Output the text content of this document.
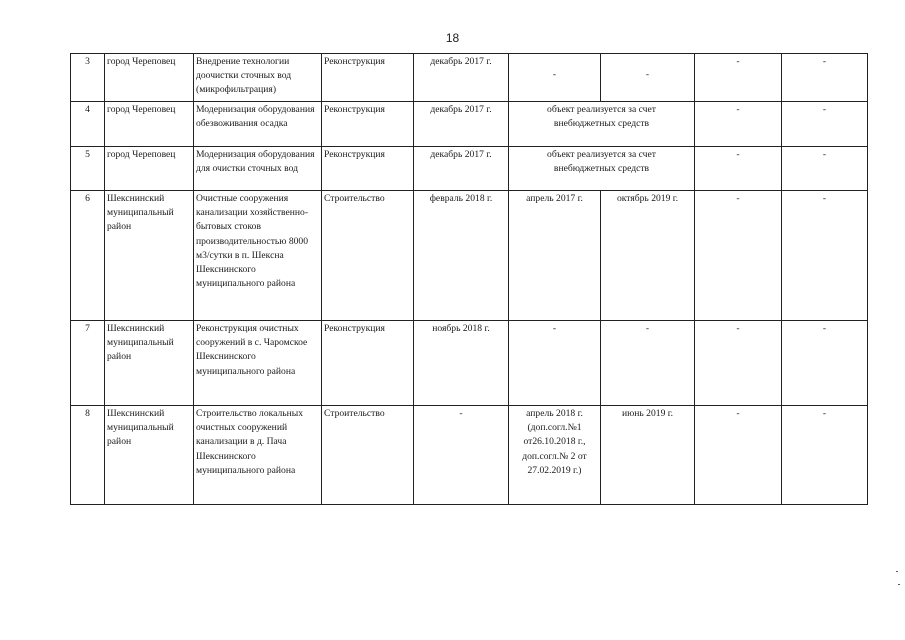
18
3	город Череповец	Внедрение технологии доочистки сточных вод (микрофильтрация)	Реконструкция	декабрь 2017 г.	-	-	-	-
4	город Череповец	Модернизация оборудования обезвоживания осадка	Реконструкция	декабрь 2017 г.	объект реализуется за счет внебюджетных средств		-	-
5	город Череповец	Модернизация оборудования для очистки сточных вод	Реконструкция	декабрь 2017 г.	объект реализуется за счет внебюджетных средств		-	-
6	Шекснинский муниципальный район	Очистные сооружения канализации хозяйственно-бытовых стоков производительностью 8000 м3/сутки в п. Шексна Шекснинского муниципального района	Строительство	февраль 2018 г.	апрель 2017 г.	октябрь 2019 г.	-	-
7	Шекснинский муниципальный район	Реконструкция очистных сооружений в с. Чаромское Шекснинского муниципального района	Реконструкция	ноябрь 2018 г.	-	-	-	-
8	Шекснинский муниципальный район	Строительство локальных очистных сооружений канализации в д. Пача Шекснинского муниципального района	Строительство	-	апрель 2018 г. (доп.согл.№1 от26.10.2018 г., доп.согл.№ 2 от 27.02.2019 г.)	июнь 2019 г.	-	-
